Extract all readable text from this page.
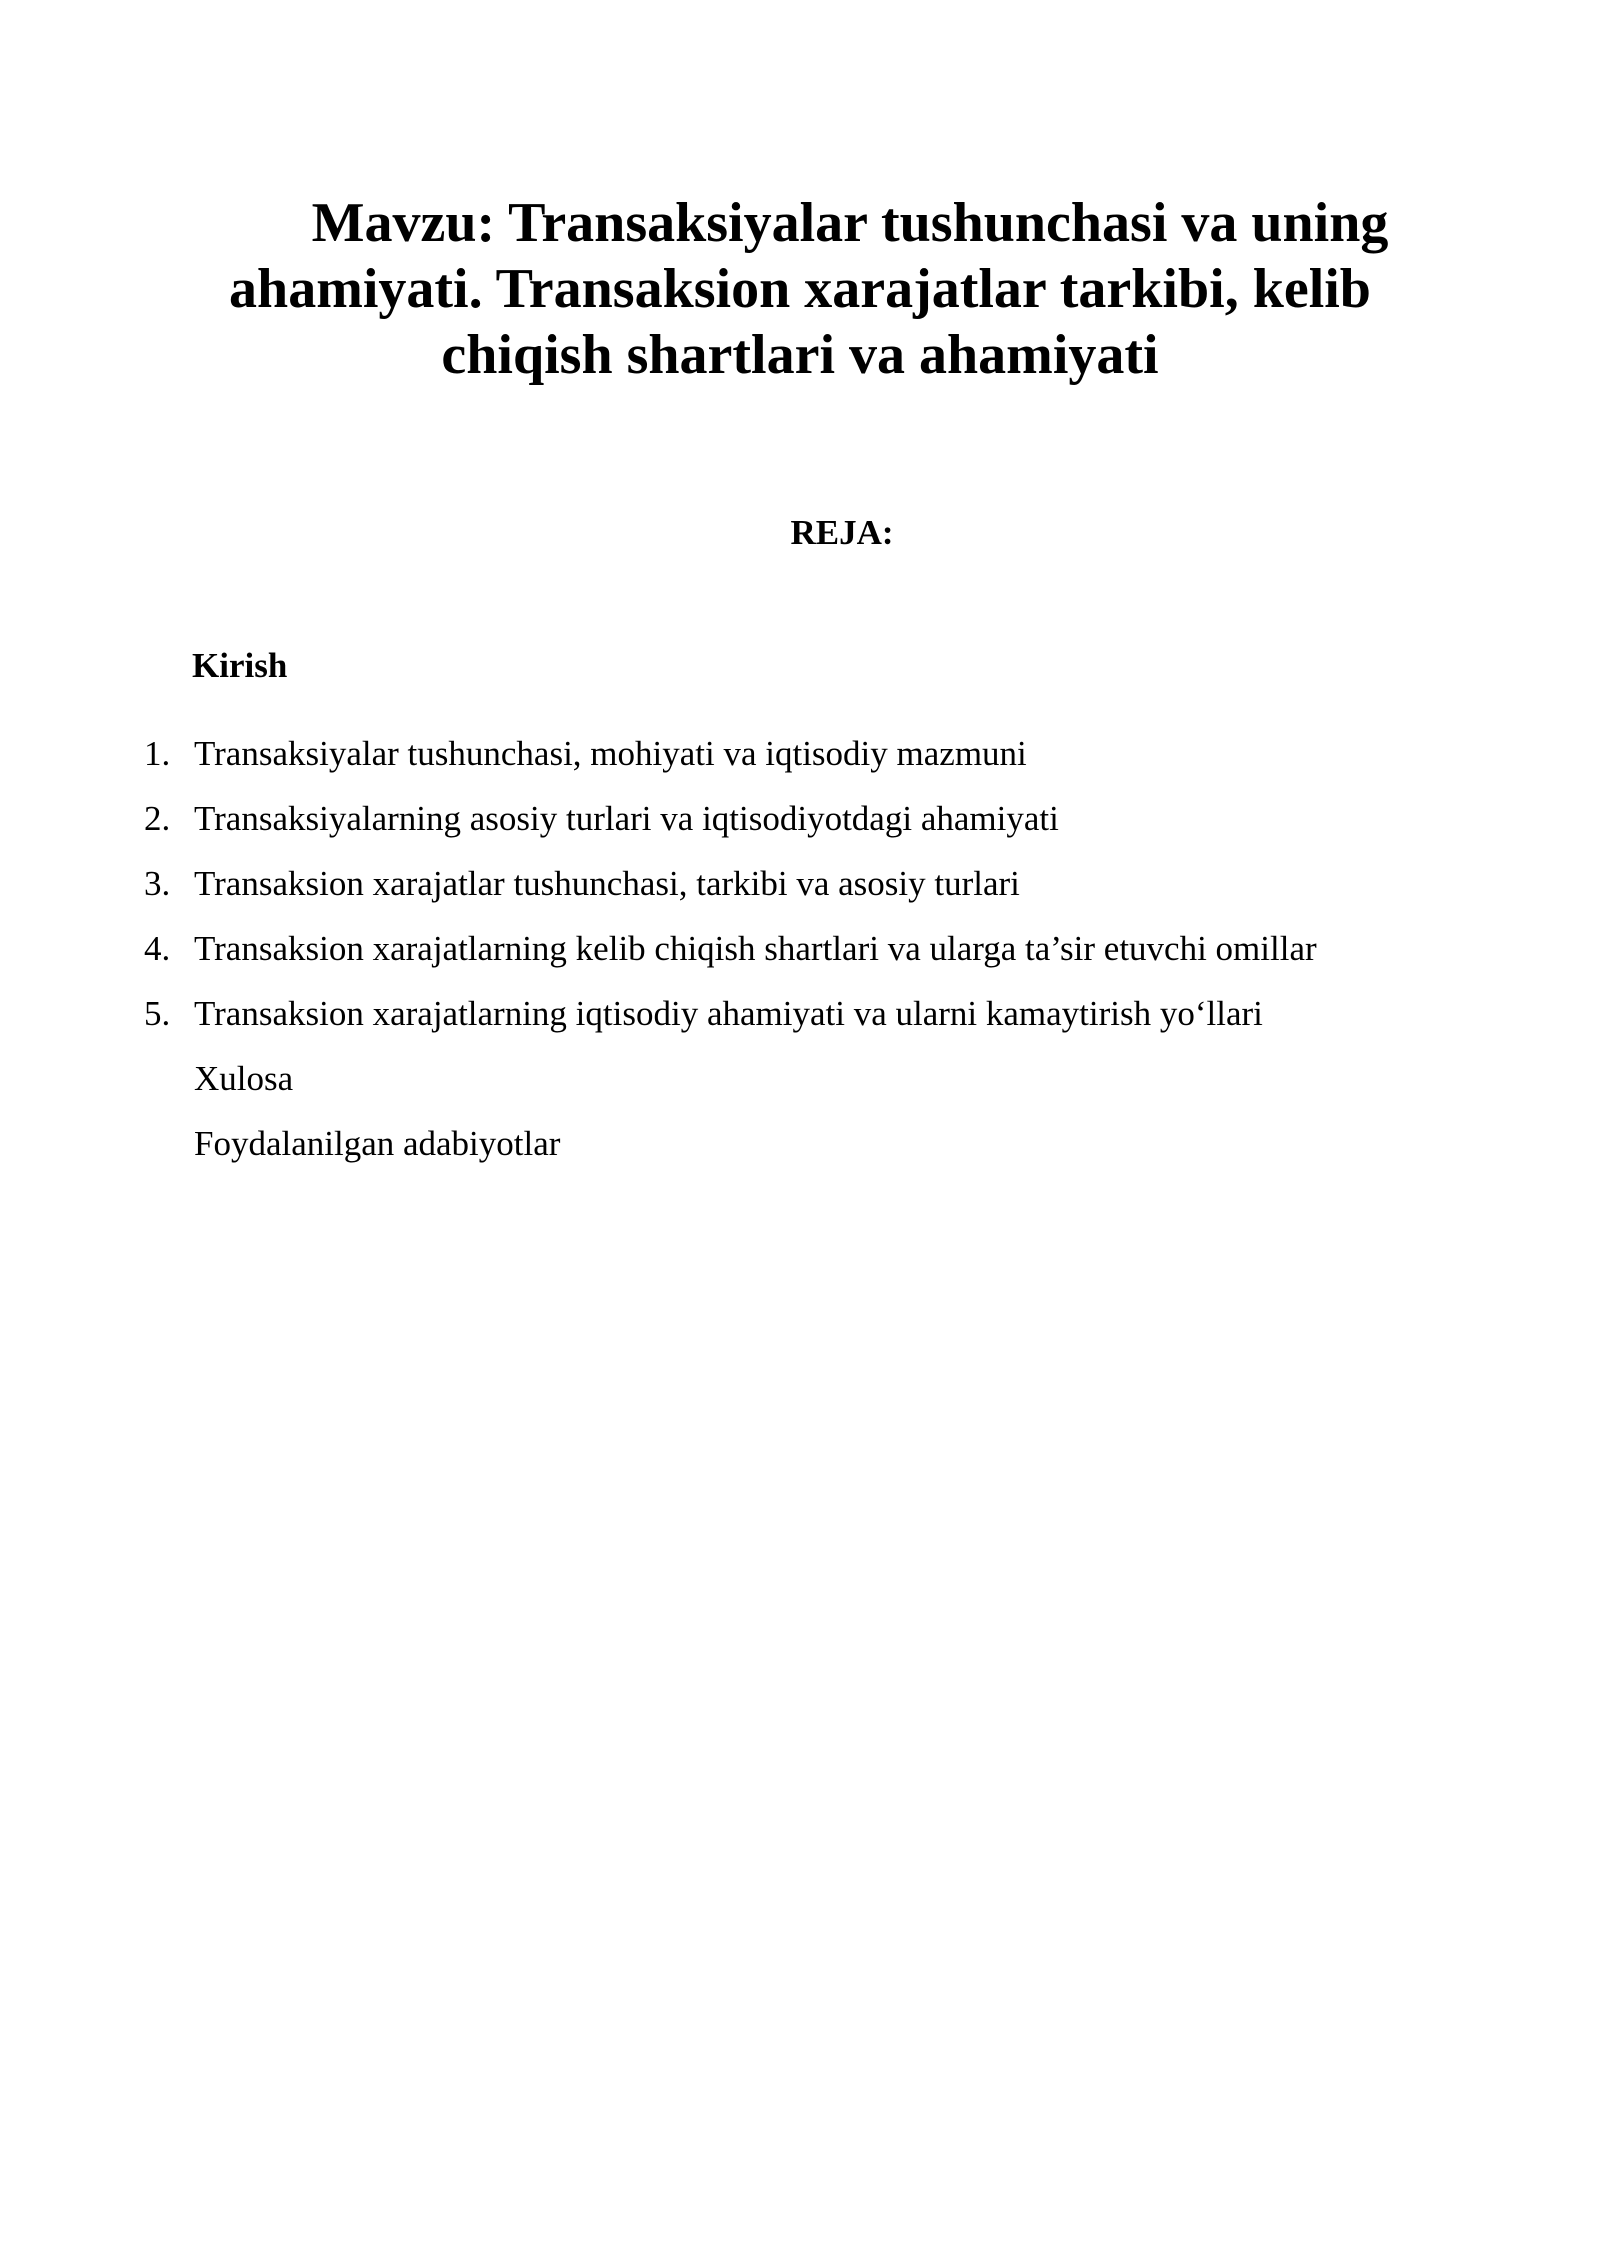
Mavzu: Transaksiyalar tushunchasi va uning ahamiyati. Transaksion xarajatlar tarkibi, kelib chiqish shartlari va ahamiyati

REJA:

Kirish

1. Transaksiyalar tushunchasi, mohiyati va iqtisodiy mazmuni
2. Transaksiyalarning asosiy turlari va iqtisodiyotdagi ahamiyati
3. Transaksion xarajatlar tushunchasi, tarkibi va asosiy turlari
4. Transaksion xarajatlarning kelib chiqish shartlari va ularga ta’sir etuvchi omillar
5. Transaksion xarajatlarning iqtisodiy ahamiyati va ularni kamaytirish yo‘llari

Xulosa

Foydalanilgan adabiyotlar
